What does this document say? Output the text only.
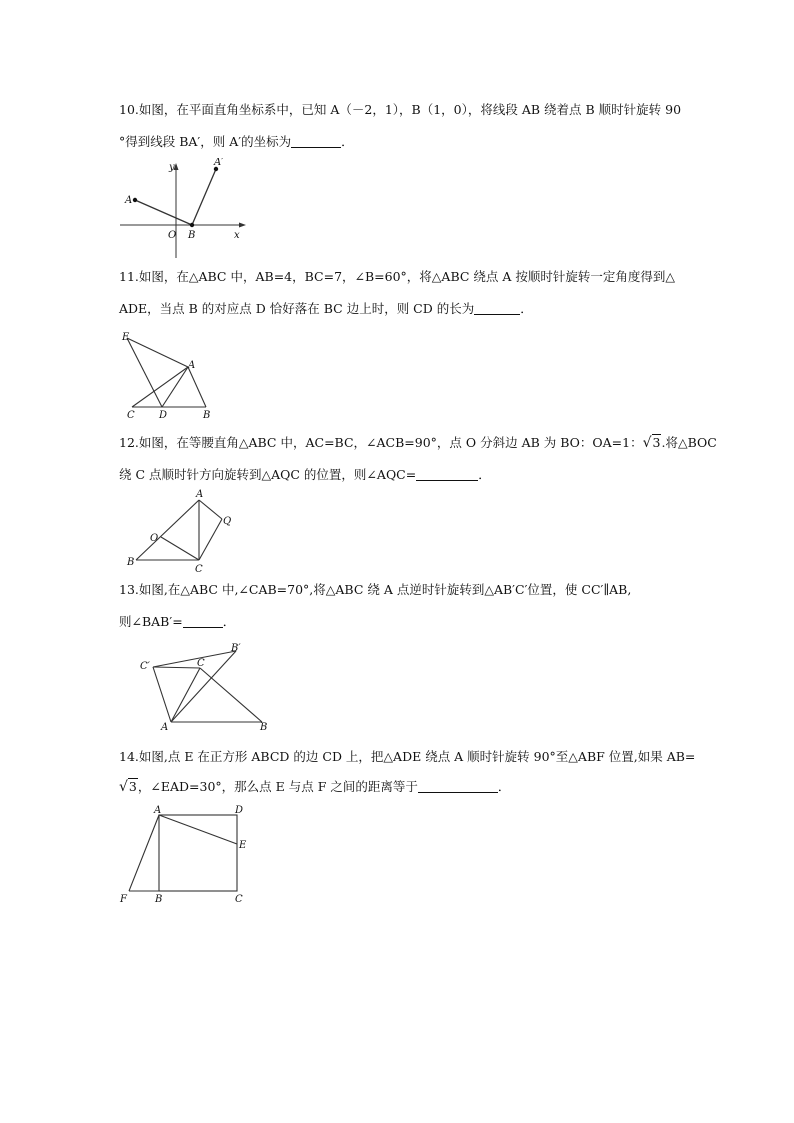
10.如图，在平面直角坐标系中，已知 A（－2，1），B（1，0），将线段 AB 绕着点 B 顺时针旋转 90
°得到线段 BA′，则 A′的坐标为	．
y
x
A
A′
O B
11.如图，在△ABC 中，AB=4，BC=7，∠B=60°，将△ABC 绕点 A 按顺时针旋转一定角度得到△
ADE，当点 B 的对应点 D 恰好落在 BC 边上时，则 CD 的长为	．
E
A
C D	B
12.如图，在等腰直角△ABC 中，AC=BC，∠ACB=90°，点 O 分斜边 AB 为 BO：OA=1：√3.将△BOC
绕 C 点顺时针方向旋转到△AQC 的位置，则∠AQC=	．
A
Q
O
B
C
13.如图,在△ABC 中,∠CAB=70°,将△ABC 绕 A 点逆时针旋转到△AB′C′位置，使 CC′∥AB,
则∠BAB′=	．
C′	C
B′
A	B
14.如图,点 E 在正方形 ABCD 的边 CD 上，把△ADE 绕点 A 顺时针旋转 90°至△ABF 位置,如果 AB=
√3，∠EAD=30°，那么点 E 与点 F 之间的距离等于	．
A	D
E
F	B	C
